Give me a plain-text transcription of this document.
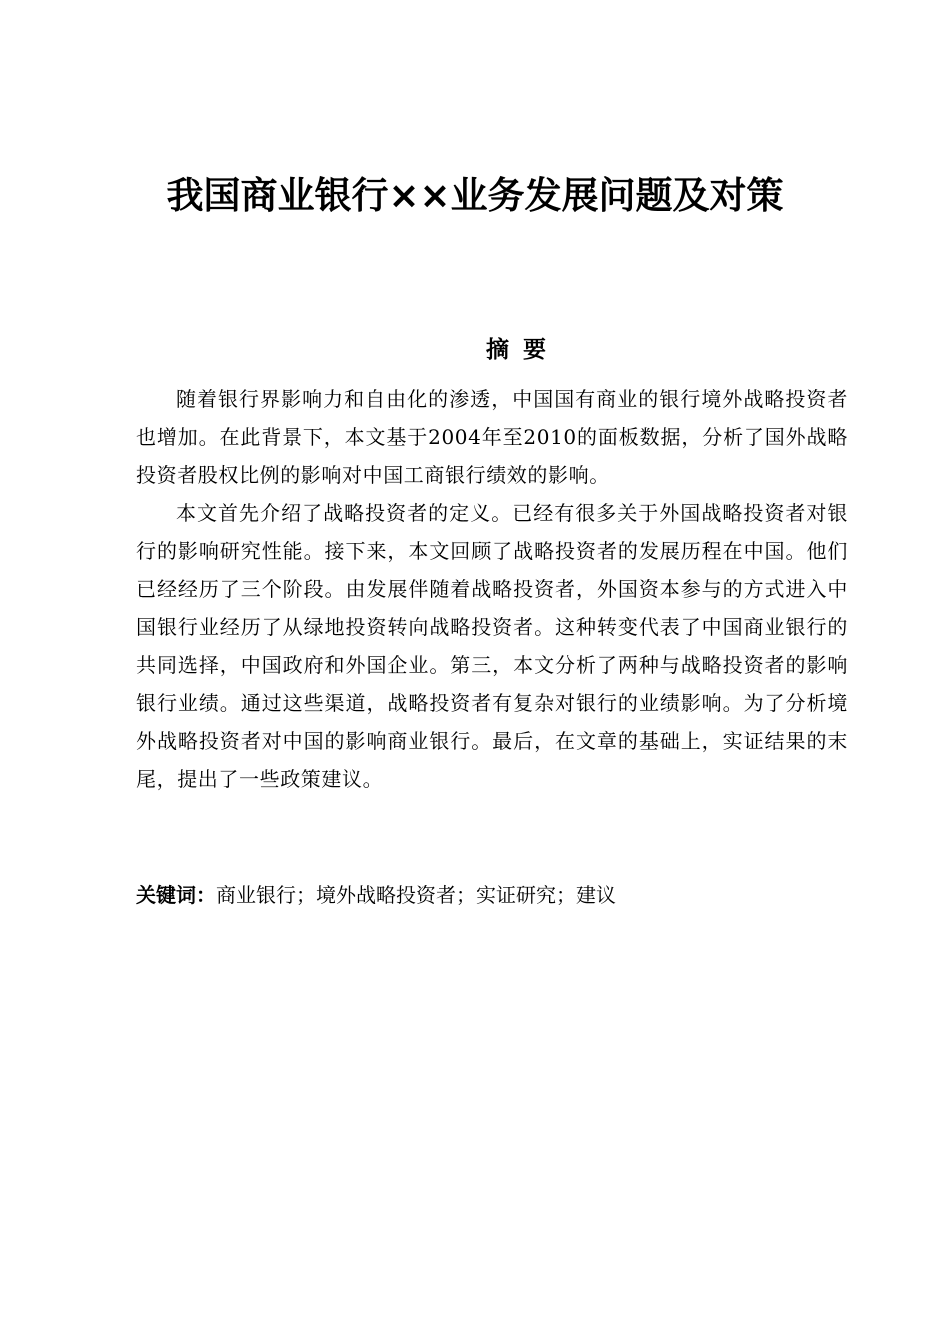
我国商业银行××业务发展问题及对策
摘要

随着银行界影响力和自由化的渗透，中国国有商业的银行境外战略投资者也增加。在此背景下，本文基于2004年至2010的面板数据，分析了国外战略投资者股权比例的影响对中国工商银行绩效的影响。

本文首先介绍了战略投资者的定义。已经有很多关于外国战略投资者对银行的影响研究性能。接下来，本文回顾了战略投资者的发展历程在中国。他们已经经历了三个阶段。由发展伴随着战略投资者，外国资本参与的方式进入中国银行业经历了从绿地投资转向战略投资者。这种转变代表了中国商业银行的共同选择，中国政府和外国企业。第三，本文分析了两种与战略投资者的影响银行业绩。通过这些渠道，战略投资者有复杂对银行的业绩影响。为了分析境外战略投资者对中国的影响商业银行。最后，在文章的基础上，实证结果的末尾，提出了一些政策建议。

关键词：商业银行；境外战略投资者；实证研究；建议
